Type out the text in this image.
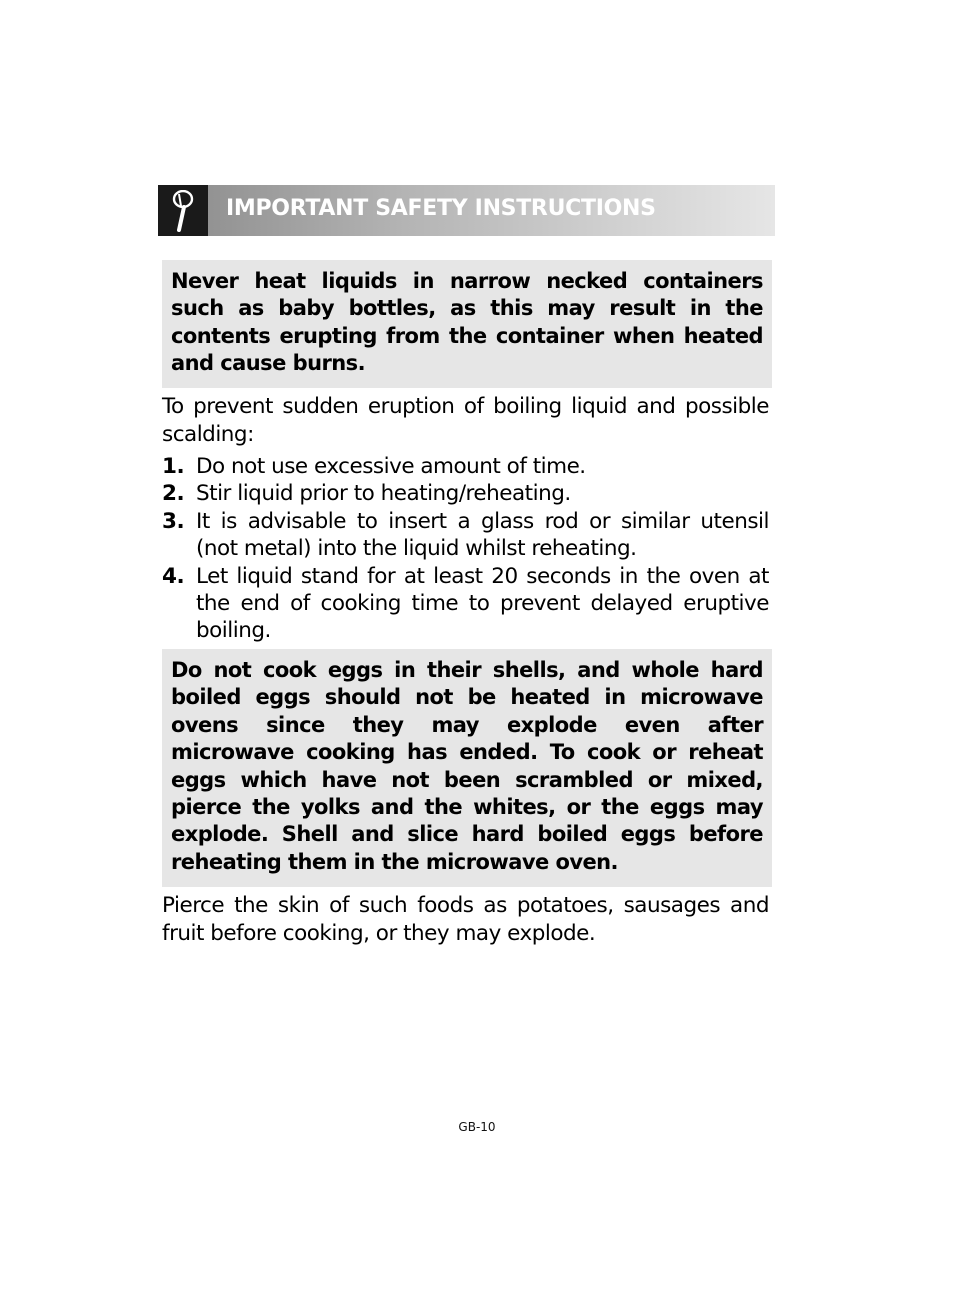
IMPORTANT SAFETY INSTRUCTIONS
Never heat liquids in narrow necked containers such as baby bottles, as this may result in the contents erupting from the container when heated and cause burns.
To prevent sudden eruption of boiling liquid and possible scalding:
1. Do not use excessive amount of time.
2. Stir liquid prior to heating/reheating.
3. It is advisable to insert a glass rod or similar utensil (not metal) into the liquid whilst reheating.
4. Let liquid stand for at least 20 seconds in the oven at the end of cooking time to prevent delayed eruptive boiling.
Do not cook eggs in their shells, and whole hard boiled eggs should not be heated in microwave ovens since they may explode even after microwave cooking has ended. To cook or reheat eggs which have not been scrambled or mixed, pierce the yolks and the whites, or the eggs may explode. Shell and slice hard boiled eggs before reheating them in the microwave oven.
Pierce the skin of such foods as potatoes, sausages and fruit before cooking, or they may explode.
GB-10
